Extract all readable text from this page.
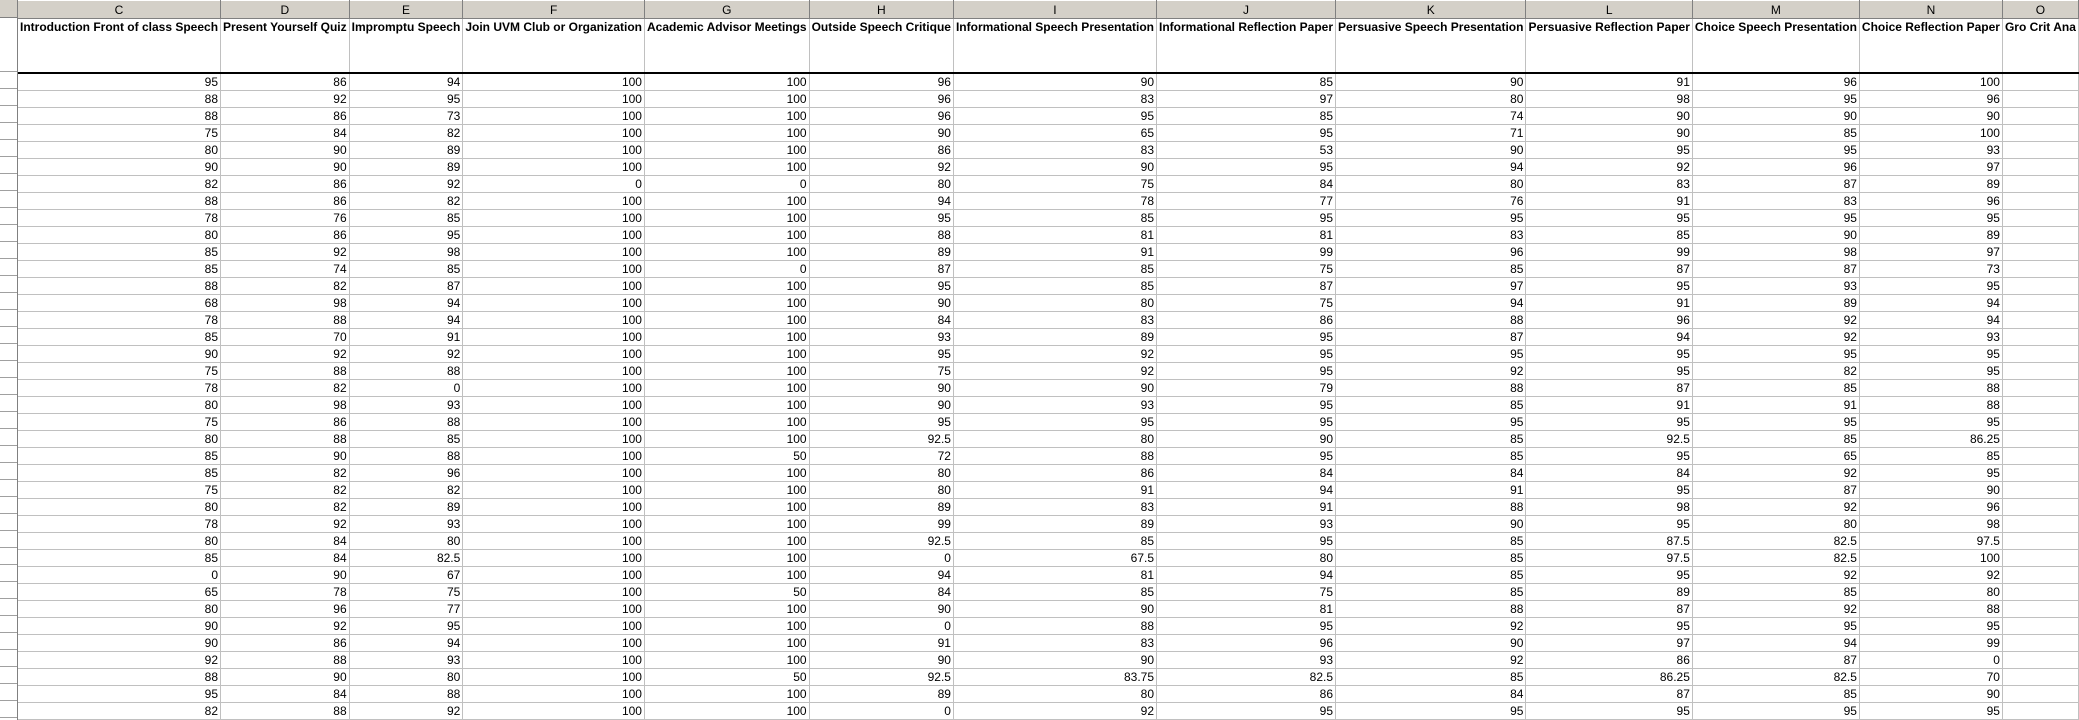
C	D	E	F	G	H	I	J	K	L	M	N	O
Introduction Front of class Speech	Present Yourself Quiz	Impromptu Speech	Join UVM Club or Organization	Academic Advisor Meetings	Outside Speech Critique	Informational Speech Presentation	Informational Reflection Paper	Persuasive Speech Presentation	Persuasive Reflection Paper	Choice Speech Presentation	Choice Reflection Paper	Gro Crit Ana
95	86	94	100	100	96	90	85	90	91	96	100	
88	92	95	100	100	96	83	97	80	98	95	96	
88	86	73	100	100	96	95	85	74	90	90	90	
75	84	82	100	100	90	65	95	71	90	85	100	
80	90	89	100	100	86	83	53	90	95	95	93	
90	90	89	100	100	92	90	95	94	92	96	97	
82	86	92	0	0	80	75	84	80	83	87	89	
88	86	82	100	100	94	78	77	76	91	83	96	
78	76	85	100	100	95	85	95	95	95	95	95	
80	86	95	100	100	88	81	81	83	85	90	89	
85	92	98	100	100	89	91	99	96	99	98	97	
85	74	85	100	0	87	85	75	85	87	87	73	
88	82	87	100	100	95	85	87	97	95	93	95	
68	98	94	100	100	90	80	75	94	91	89	94	
78	88	94	100	100	84	83	86	88	96	92	94	
85	70	91	100	100	93	89	95	87	94	92	93	
90	92	92	100	100	95	92	95	95	95	95	95	
75	88	88	100	100	75	92	95	92	95	82	95	
78	82	0	100	100	90	90	79	88	87	85	88	
80	98	93	100	100	90	93	95	85	91	91	88	
75	86	88	100	100	95	95	95	95	95	95	95	
80	88	85	100	100	92.5	80	90	85	92.5	85	86.25	
85	90	88	100	50	72	88	95	85	95	65	85	
85	82	96	100	100	80	86	84	84	84	92	95	
75	82	82	100	100	80	91	94	91	95	87	90	
80	82	89	100	100	89	83	91	88	98	92	96	
78	92	93	100	100	99	89	93	90	95	80	98	
80	84	80	100	100	92.5	85	95	85	87.5	82.5	97.5	
85	84	82.5	100	100	0	67.5	80	85	97.5	82.5	100	
0	90	67	100	100	94	81	94	85	95	92	92	
65	78	75	100	50	84	85	75	85	89	85	80	
80	96	77	100	100	90	90	81	88	87	92	88	
90	92	95	100	100	0	88	95	92	95	95	95	
90	86	94	100	100	91	83	96	90	97	94	99	
92	88	93	100	100	90	90	93	92	86	87	0	
88	90	80	100	50	92.5	83.75	82.5	85	86.25	82.5	70	
95	84	88	100	100	89	80	86	84	87	85	90	
82	88	92	100	100	0	92	95	95	95	95	95	
